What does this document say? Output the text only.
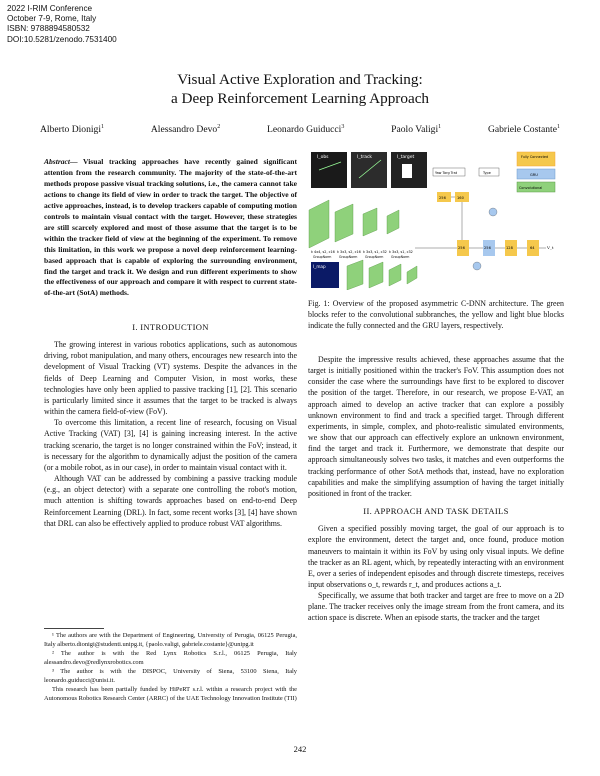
2022 I-RIM Conference
October 7-9, Rome, Italy
ISBN: 9788894580532
DOI:10.5281/zenodo.7531400
Visual Active Exploration and Tracking:
a Deep Reinforcement Learning Approach
Alberto Dionigi$^1$	Alessandro Devo$^2$	Leonardo Guiducci$^3$	Paolo Valigi$^1$	Gabriele Costante$^1$
Abstract— Visual tracking approaches have recently gained significant attention from the research community. The majority of the state-of-the-art methods propose passive visual tracking solutions, i.e., the camera cannot take actions to change its field of view in order to track the target. The objective of active approaches, instead, is to develop trackers capable of computing motion controls to maintain visual contact with the target. However, these strategies are still scarcely explored and most of those assume that the target is to be within the tracker field of view at the beginning of the experiment. To remove this limitation, in this work we propose a novel deep reinforcement learning-based approach that is capable of exploring the surrounding environment, find the target and track it. We design and run different experiments to show the effectiveness of our approach and compare it with respect to current state-of-the-art (SotA) methods.
I. INTRODUCTION

The growing interest in various robotics applications, such as autonomous driving, robot manipulation, and many others, encourages new research into the development of Visual Tracking (VT) systems. Despite the advances in the fields of Deep Learning and Computer Vision, in most works, these technologies have only been applied to passive tracking [1], [2]. This scenario is particularly limited since it assumes that the target to be tracked is always within the camera field-of-view (FoV).

To overcome this limitation, a recent line of research, focusing on Visual Active Tracking (VAT) [3], [4] is gaining increasing interest. In the active tracking scenario, the target is no longer constrained within the FoV; instead, it is necessary for the algorithm to dynamically adjust the position of the camera (or a mobile robot, as in our case), in order to maintain visual contact with it.

Although VAT can be addressed by combining a passive tracking module (e.g., an object detector) with a separate one controlling the robot's motion, much attention is shifting towards approaches based on end-to-end Deep Reinforcement Learning (DRL). In fact, some recent works [3], [4] have shown that DRL can also be effectively applied to produce robust VAT algorithms.

¹ The authors are with the Department of Engineering, University of Perugia, 06125 Perugia, Italy alberto.dionigi@studenti.unipg.it, {paolo.valigi, gabriele.costante}@unipg.it

² The author is with the Red Lynx Robotics S.r.l., 06125 Perugia, Italy alessandro.devo@redlynxrobotics.com

³ The author is with the DISPOC, University of Siena, 53100 Siena, Italy leonardo.guiducci@unisi.it.

This research has been partially funded by HiPeRT s.r.l. within a research project with the Autonomous Robotics Research Center (ARRC) of the UAE Technology Innovation Institute (TII)

I_obs	I_track	I_target
k 4x4, s2, c16 k 3x3, s2, c16 k 3x3, s1, c32 k 3x3, s1, c32
GroupNorm GroupNorm GroupNorm GroupNorm
I_map
Yaw Targ Trat	Type
256	160
256	256	128	64	V_t
Fully Connected
GRU
Convolutional
Fig. 1: Overview of the proposed asymmetric C-DNN architecture. The green blocks refer to the convolutional subbranches, the yellow and light blue blocks indicate the fully connected and the GRU layers, respectively.

Despite the impressive results achieved, these approaches assume that the target is initially positioned within the tracker's FoV. This assumption does not consider the case where the surroundings have first to be explored to discover the position of the target. Therefore, in our research, we propose E-VAT, an approach aimed to develop an active tracker that can explore a possibly unknown environment to find and track a specified target. Through different experiments, in simple, complex, and photo-realistic simulated environments, we show that our approach can effectively explore an unknown environment, find the target and track it. Furthermore, we demonstrate that despite our approach simultaneously solves two tasks, it matches and even outperforms the tracking performance of other SotA methods that, instead, have no exploration capabilities and make the simplifying assumption of having the target initially positioned in front of the tracker.

II. APPROACH AND TASK DETAILS

Given a specified possibly moving target, the goal of our approach is to explore the environment, detect the target and, once found, produce motion maneuvers to maintain it within its FoV by using only visual inputs. We define the tracker as an RL agent, which, by repeatedly interacting with an environment E, over a series of independent episodes and through discrete timesteps, receives input observations o_t, rewards r_t, and produces actions a_t.

Specifically, we assume that both tracker and target are free to move on a 2D plane. The tracker receives only the image stream from the front camera, and its action space is discrete. When an episode starts, the tracker and the target

242
